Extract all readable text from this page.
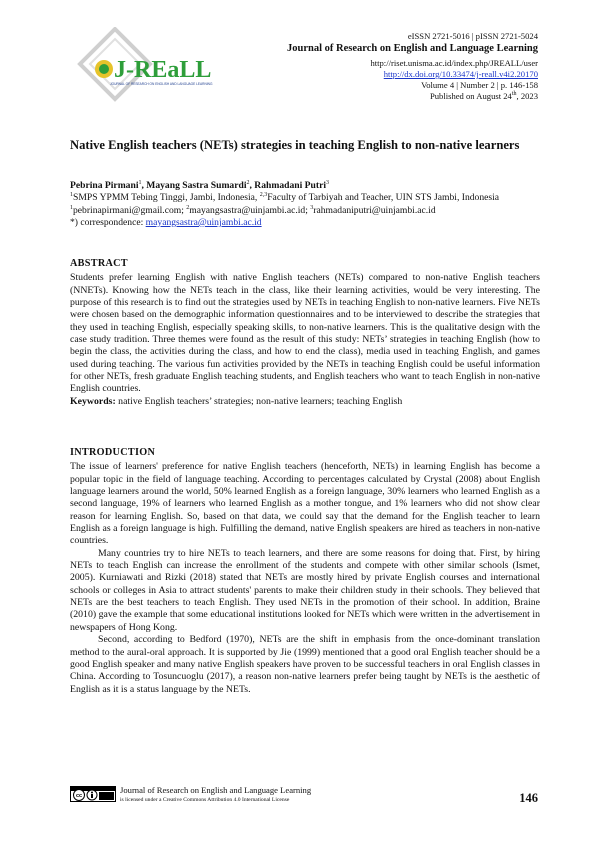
J-REaLL
JOURNAL OF RESEARCH ON ENGLISH AND LANGUAGE LEARNING
eISSN 2721-5016 | pISSN 2721-5024
Journal of Research on English and Language Learning
http://riset.unisma.ac.id/index.php/JREALL/user
http://dx.doi.org/10.33474/j-reall.v4i2.20170
Volume 4 | Number 2 | p. 146-158
Published on August 24th, 2023
Native English teachers (NETs) strategies in teaching English to non-native learners
Pebrina Pirmani$^1$, Mayang Sastra Sumardi$^2$, Rahmadani Putri$^3$
$^1$SMPS YPMM Tebing Tinggi, Jambi, Indonesia, $^{2,3}$Faculty of Tarbiyah and Teacher, UIN STS Jambi, Indonesia
$^1$pebrinapirmani@gmail.com; $^2$mayangsastra@uinjambi.ac.id; $^3$rahmadaniputri@uinjambi.ac.id
*) correspondence: mayangsastra@uinjambi.ac.id
ABSTRACT

Students prefer learning English with native English teachers (NETs) compared to non-native English teachers (NNETs). Knowing how the NETs teach in the class, like their learning activities, would be very interesting. The purpose of this research is to find out the strategies used by NETs in teaching English to non-native learners. Five NETs were chosen based on the demographic information questionnaires and to be interviewed to describe the strategies that they used in teaching English, especially speaking skills, to non-native learners. This is the qualitative design with the case study tradition. Three themes were found as the result of this study: NETs’ strategies in teaching English (how to begin the class, the activities during the class, and how to end the class), media used in teaching English, and games used during teaching. The various fun activities provided by the NETs in teaching English could be useful information for other NETs, fresh graduate English teaching students, and English teachers who want to teach English in non-native English countries.

Keywords: native English teachers’ strategies; non-native learners; teaching English

INTRODUCTION

The issue of learners' preference for native English teachers (henceforth, NETs) in learning English has become a popular topic in the field of language teaching. According to percentages calculated by Crystal (2008) about English language learners around the world, 50% learned English as a foreign language, 30% learners who learned English as a second language, 19% of learners who learned English as a mother tongue, and 1% learners who did not show clear reason for learning English. So, based on that data, we could say that the demand for the English teacher to learn English as a foreign language is high. Fulfilling the demand, native English speakers are hired as teachers in non-native countries.

Many countries try to hire NETs to teach learners, and there are some reasons for doing that. First, by hiring NETs to teach English can increase the enrollment of the students and compete with other similar schools (Ismet, 2005). Kurniawati and Rizki (2018) stated that NETs are mostly hired by private English courses and international schools or colleges in Asia to attract students' parents to make their children study in their schools. They believed that NETs are the best teachers to teach English. They used NETs in the promotion of their school. In addition, Braine (2010) gave the example that some educational institutions looked for NETs which were written in the advertisement in newspapers of Hong Kong.

Second, according to Bedford (1970), NETs are the shift in emphasis from the once-dominant translation method to the aural-oral approach. It is supported by Jie (1999) mentioned that a good oral English teacher should be a good English speaker and many native English speakers have proven to be successful teachers in oral English classes in China. According to Tosuncuoglu (2017), a reason non-native learners prefer being taught by NETs is the aesthetic of English as it is a status language by the NETs.

cc
Journal of Research on English and Language Learning
is licensed under a Creative Commons Attribution 4.0 International License	146
